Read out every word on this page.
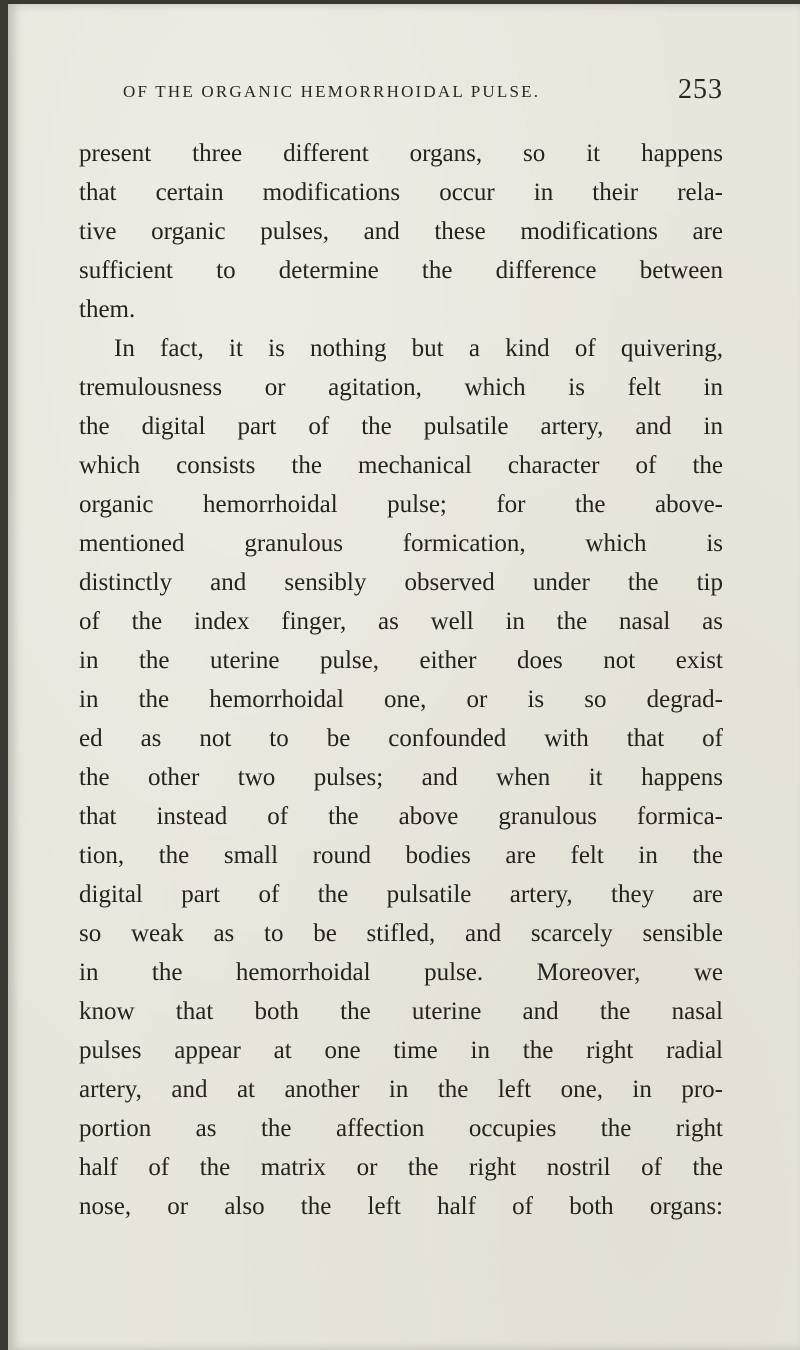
OF THE ORGANIC HEMORRHOIDAL PULSE.	253
present three different organs, so it happens
that certain modifications occur in their rela-
tive organic pulses, and these modifications are
sufficient to determine the difference between
them.
In fact, it is nothing but a kind of quivering,
tremulousness or agitation, which is felt in
the digital part of the pulsatile artery, and in
which consists the mechanical character of the
organic hemorrhoidal pulse; for the above-
mentioned granulous formication, which is
distinctly and sensibly observed under the tip
of the index finger, as well in the nasal as
in the uterine pulse, either does not exist
in the hemorrhoidal one, or is so degrad-
ed as not to be confounded with that of
the other two pulses; and when it happens
that instead of the above granulous formica-
tion, the small round bodies are felt in the
digital part of the pulsatile artery, they are
so weak as to be stifled, and scarcely sensible
in the hemorrhoidal pulse. Moreover, we
know that both the uterine and the nasal
pulses appear at one time in the right radial
artery, and at another in the left one, in pro-
portion as the affection occupies the right
half of the matrix or the right nostril of the
nose, or also the left half of both organs:
